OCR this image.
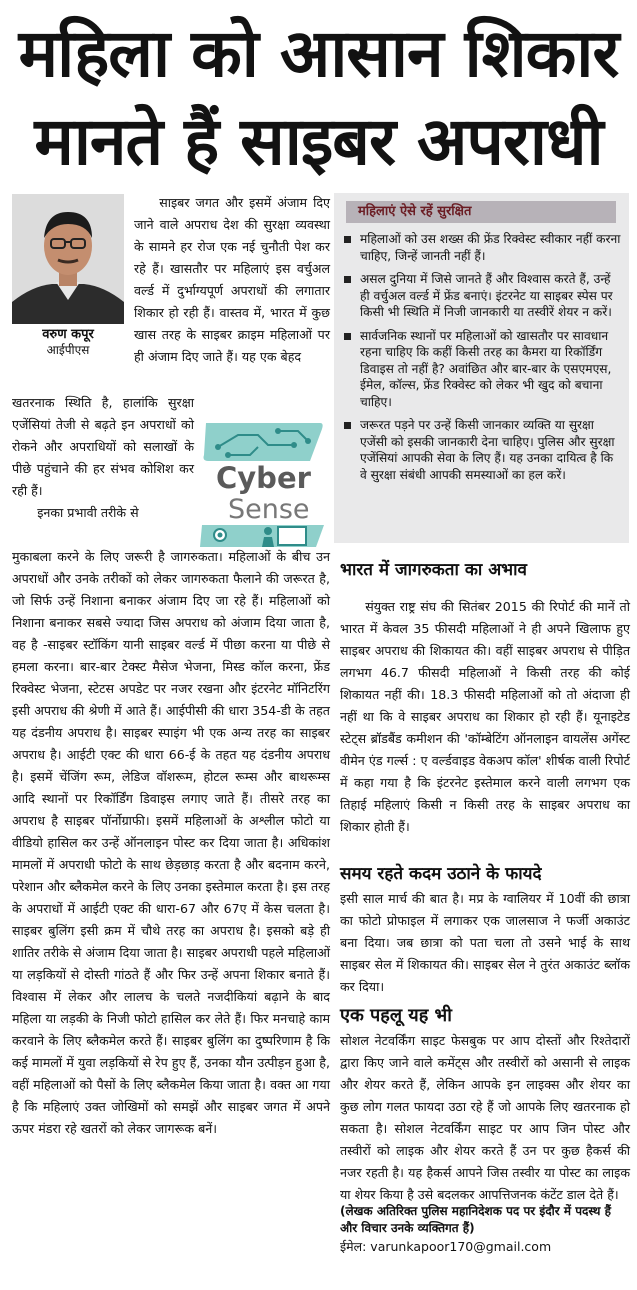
महिला को आसान शिकार
मानते हैं साइबर अपराधी
वरुण कपूर
आईपीएस

साइबर जगत और इसमें अंजाम दिए जाने वाले अपराध देश की सुरक्षा व्यवस्था के सामने हर रोज एक नई चुनौती पेश कर रहे हैं। खासतौर पर महिलाएं इस वर्चुअल वर्ल्ड में दुर्भाग्यपूर्ण अपराधों की लगातार शिकार हो रही हैं। वास्तव में, भारत में कुछ खास तरह के साइबर क्राइम महिलाओं पर ही अंजाम दिए जाते हैं। यह एक बेहद

खतरनाक स्थिति है, हालांकि सुरक्षा एजेंसियां तेजी से बढ़ते इन अपराधों को रोकने और अपराधियों को सलाखों के पीछे पहुंचाने की हर संभव कोशिश कर रही हैं।

इनका प्रभावी तरीके से

Cyber
Sense

मुकाबला करने के लिए जरूरी है जागरुकता। महिलाओं के बीच उन अपराधों और उनके तरीकों को लेकर जागरुकता फैलाने की जरूरत है, जो सिर्फ उन्हें निशाना बनाकर अंजाम दिए जा रहे हैं। महिलाओं को निशाना बनाकर सबसे ज्यादा जिस अपराध को अंजाम दिया जाता है, वह है -साइबर स्टॉकिंग यानी साइबर वर्ल्ड में पीछा करना या पीछे से हमला करना। बार-बार टेक्स्ट मैसेज भेजना, मिस्ड कॉल करना, फ्रेंड रिक्वेस्ट भेजना, स्टेटस अपडेट पर नजर रखना और इंटरनेट मॉनिटरिंग इसी अपराध की श्रेणी में आते हैं। आईपीसी की धारा 354-डी के तहत यह दंडनीय अपराध है। साइबर स्पाइंग भी एक अन्य तरह का साइबर अपराध है। आईटी एक्ट की धारा 66-ई के तहत यह दंडनीय अपराध है। इसमें चेंजिंग रूम, लेडिज वॉशरूम, होटल रूम्स और बाथरूम्स आदि स्थानों पर रिकॉर्डिंग डिवाइस लगाए जाते हैं। तीसरे तरह का अपराध है साइबर पॉर्नोग्राफी। इसमें महिलाओं के अश्लील फोटो या वीडियो हासिल कर उन्हें ऑनलाइन पोस्ट कर दिया जाता है। अधिकांश मामलों में अपराधी फोटो के साथ छेड़छाड़ करता है और बदनाम करने, परेशान और ब्लैकमेल करने के लिए उनका इस्तेमाल करता है। इस तरह के अपराधों में आईटी एक्ट की धारा-67 और 67ए में केस चलता है। साइबर बुलिंग इसी क्रम में चौथे तरह का अपराध है। इसको बड़े ही शातिर तरीके से अंजाम दिया जाता है। साइबर अपराधी पहले महिलाओं या लड़कियों से दोस्ती गांठते हैं और फिर उन्हें अपना शिकार बनाते हैं। विश्वास में लेकर और लालच के चलते नजदीकियां बढ़ाने के बाद महिला या लड़की के निजी फोटो हासिल कर लेते हैं। फिर मनचाहे काम करवाने के लिए ब्लैकमेल करते हैं। साइबर बुलिंग का दुष्परिणाम है कि कई मामलों में युवा लड़कियों से रेप हुए हैं, उनका यौन उत्पीड़न हुआ है, वहीं महिलाओं को पैसों के लिए ब्लैकमेल किया जाता है। वक्त आ गया है कि महिलाएं उक्त जोखिमों को समझें और साइबर जगत में अपने ऊपर मंडरा रहे खतरों को लेकर जागरूक बनें।

महिलाएं ऐसे रहें सुरक्षित
महिलाओं को उस शख्स की फ्रेंड रिक्वेस्ट स्वीकार नहीं करना चाहिए, जिन्हें जानती नहीं हैं।
असल दुनिया में जिसे जानते हैं और विश्वास करते हैं, उन्हें ही वर्चुअल वर्ल्ड में फ्रेंड बनाएं। इंटरनेट या साइबर स्पेस पर किसी भी स्थिति में निजी जानकारी या तस्वीरें शेयर न करें।
सार्वजनिक स्थानों पर महिलाओं को खासतौर पर सावधान रहना चाहिए कि कहीं किसी तरह का कैमरा या रिकॉर्डिंग डिवाइस तो नहीं है? अवांछित और बार-बार के एसएमएस, ईमेल, कॉल्स, फ्रेंड रिक्वेस्ट को लेकर भी खुद को बचाना चाहिए।
जरूरत पड़ने पर उन्हें किसी जानकार व्यक्ति या सुरक्षा एजेंसी को इसकी जानकारी देना चाहिए। पुलिस और सुरक्षा एजेंसियां आपकी सेवा के लिए हैं। यह उनका दायित्व है कि वे सुरक्षा संबंधी आपकी समस्याओं का हल करें।
भारत में जागरुकता का अभाव

संयुक्त राष्ट्र संघ की सितंबर 2015 की रिपोर्ट की मानें तो भारत में केवल 35 फीसदी महिलाओं ने ही अपने खिलाफ हुए साइबर अपराध की शिकायत की। वहीं साइबर अपराध से पीड़ित लगभग 46.7 फीसदी महिलाओं ने किसी तरह की कोई शिकायत नहीं की। 18.3 फीसदी महिलाओं को तो अंदाजा ही नहीं था कि वे साइबर अपराध का शिकार हो रही हैं। यूनाइटेड स्टेट्स ब्रॉडबैंड कमीशन की 'कॉम्बेटिंग ऑनलाइन वायलेंस अगेंस्ट वीमेन एंड गर्ल्स : ए वर्ल्डवाइड वेकअप कॉल' शीर्षक वाली रिपोर्ट में कहा गया है कि इंटरनेट इस्तेमाल करने वाली लगभग एक तिहाई महिलाएं किसी न किसी तरह के साइबर अपराध का शिकार होती हैं।

समय रहते कदम उठाने के फायदे

इसी साल मार्च की बात है। मप्र के ग्वालियर में 10वीं की छात्रा का फोटो प्रोफाइल में लगाकर एक जालसाज ने फर्जी अकाउंट बना दिया। जब छात्रा को पता चला तो उसने भाई के साथ साइबर सेल में शिकायत की। साइबर सेल ने तुरंत अकाउंट ब्लॉक कर दिया।

एक पहलू यह भी

सोशल नेटवर्किंग साइट फेसबुक पर आप दोस्तों और रिश्तेदारों द्वारा किए जाने वाले कमेंट्स और तस्वीरों को असानी से लाइक और शेयर करते हैं, लेकिन आपके इन लाइक्स और शेयर का कुछ लोग गलत फायदा उठा रहे हैं जो आपके लिए खतरनाक हो सकता है। सोशल नेटवर्किंग साइट पर आप जिन पोस्ट और तस्वीरों को लाइक और शेयर करते हैं उन पर कुछ हैकर्स की नजर रहती है। यह हैकर्स आपने जिस तस्वीर या पोस्ट का लाइक या शेयर किया है उसे बदलकर आपत्तिजनक कंटेंट डाल देते हैं।

(लेखक अतिरिक्त पुलिस महानिदेशक पद पर इंदौर में पदस्थ हैं और विचार उनके व्यक्तिगत हैं)
ईमेल: varunkapoor170@gmail.com
